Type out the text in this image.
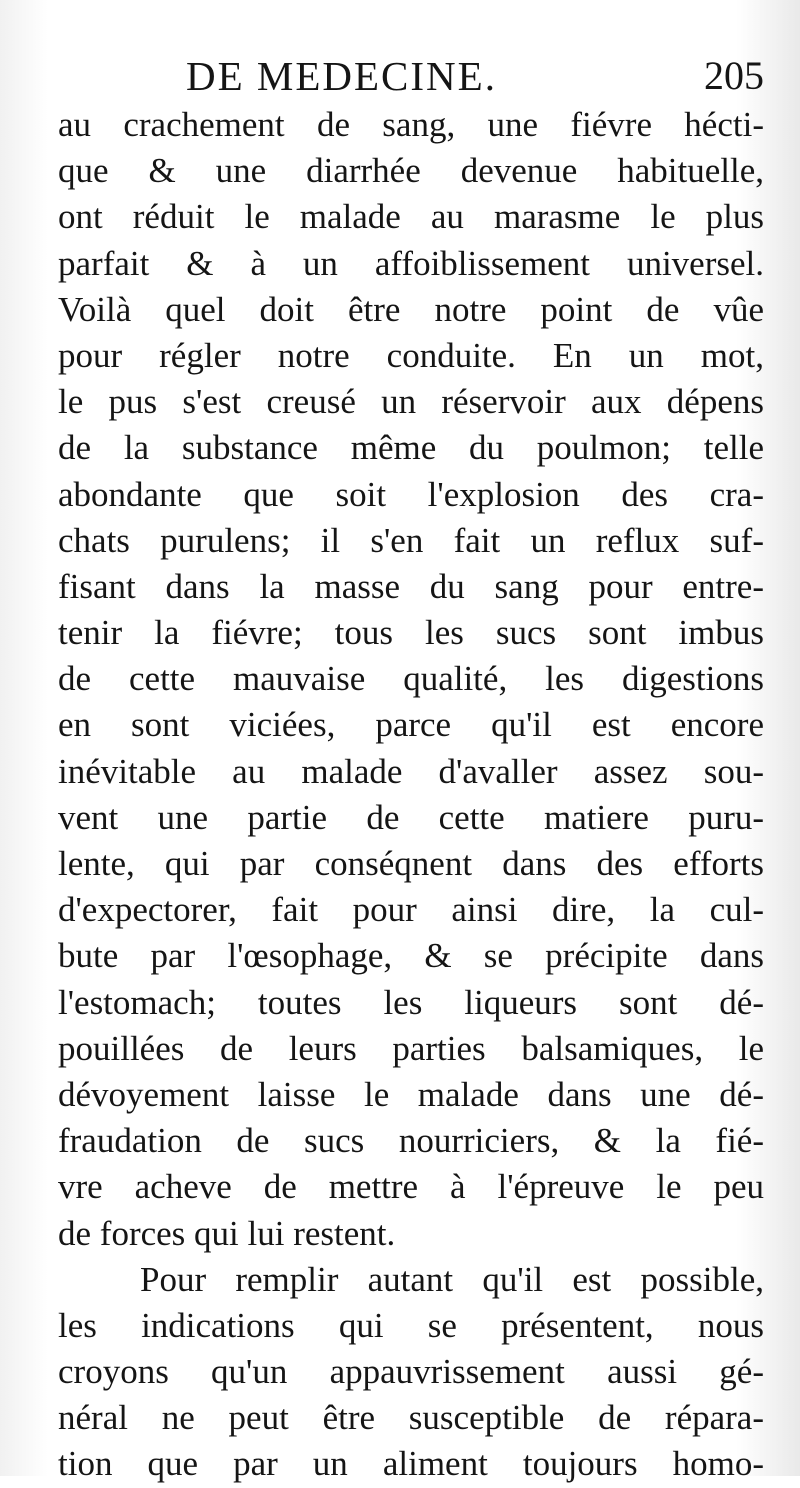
DE MEDECINE.	205
au crachement de sang, une fiévre hécti-
que & une diarrhée devenue habituelle,
ont réduit le malade au marasme le plus
parfait & à un affoiblissement universel.
Voilà quel doit être notre point de vûe
pour régler notre conduite. En un mot,
le pus s'est creusé un réservoir aux dépens
de la substance même du poulmon; telle
abondante que soit l'explosion des cra-
chats purulens; il s'en fait un reflux suf-
fisant dans la masse du sang pour entre-
tenir la fiévre; tous les sucs sont imbus
de cette mauvaise qualité, les digestions
en sont viciées, parce qu'il est encore
inévitable au malade d'avaller assez sou-
vent une partie de cette matiere puru-
lente, qui par conséqnent dans des efforts
d'expectorer, fait pour ainsi dire, la cul-
bute par l'œsophage, & se précipite dans
l'estomach; toutes les liqueurs sont dé-
pouillées de leurs parties balsamiques, le
dévoyement laisse le malade dans une dé-
fraudation de sucs nourriciers, & la fié-
vre acheve de mettre à l'épreuve le peu
de forces qui lui restent.
Pour remplir autant qu'il est possible,
les indications qui se présentent, nous
croyons qu'un appauvrissement aussi gé-
néral ne peut être susceptible de répara-
tion que par un aliment toujours homo-
